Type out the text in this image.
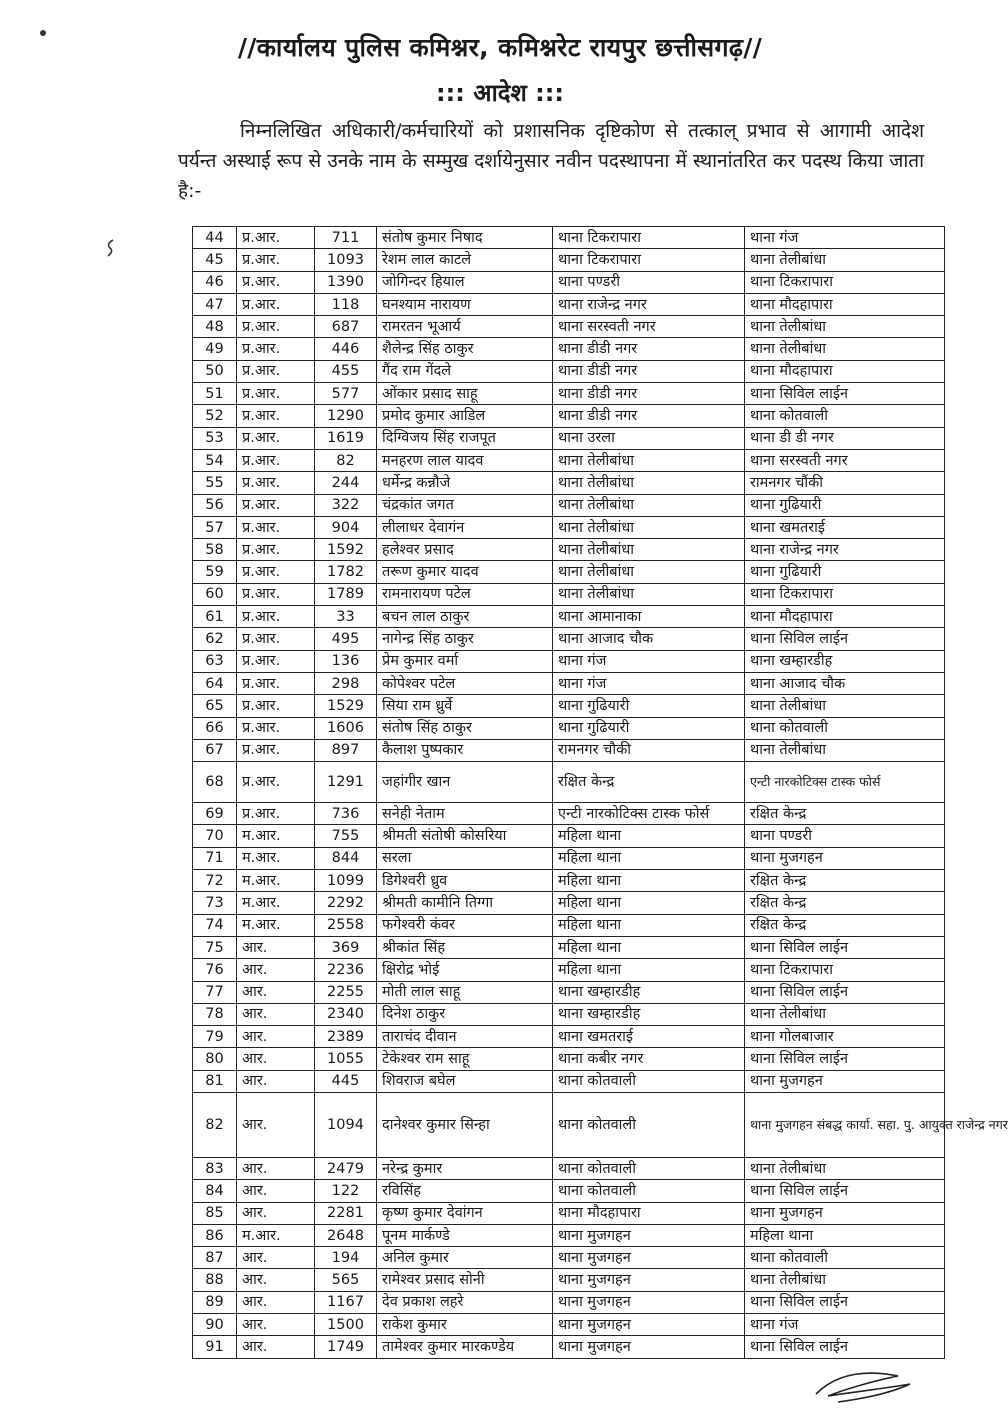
//कार्यालय पुलिस कमिश्नर, कमिश्नरेट रायपुर छत्तीसगढ़//
::: आदेश :::
निम्नलिखित अधिकारी/कर्मचारियों को प्रशासनिक दृष्टिकोण से तत्काल् प्रभाव से आगामी आदेश पर्यन्त अस्थाई रूप से उनके नाम के सम्मुख दर्शायेनुसार नवीन पदस्थापना में स्थानांतरित कर पदस्थ किया जाता है:-
44	प्र.आर.	711	संतोष कुमार निषाद	थाना टिकरापारा	थाना गंज
45	प्र.आर.	1093	रेशम लाल काटले	थाना टिकरापारा	थाना तेलीबांधा
46	प्र.आर.	1390	जोगिन्दर हियाल	थाना पण्डरी	थाना टिकरापारा
47	प्र.आर.	118	घनश्याम नारायण	थाना राजेन्द्र नगर	थाना मौदहापारा
48	प्र.आर.	687	रामरतन भूआर्य	थाना सरस्वती नगर	थाना तेलीबांधा
49	प्र.आर.	446	शैलेन्द्र सिंह ठाकुर	थाना डीडी नगर	थाना तेलीबांधा
50	प्र.आर.	455	गैंद राम गेंदले	थाना डीडी नगर	थाना मौदहापारा
51	प्र.आर.	577	ओंकार प्रसाद साहू	थाना डीडी नगर	थाना सिविल लाईन
52	प्र.आर.	1290	प्रमोद कुमार आडिल	थाना डीडी नगर	थाना कोतवाली
53	प्र.आर.	1619	दिग्विजय सिंह राजपूत	थाना उरला	थाना डी डी नगर
54	प्र.आर.	82	मनहरण लाल यादव	थाना तेलीबांधा	थाना सरस्वती नगर
55	प्र.आर.	244	धर्मेन्द्र कन्नौजे	थाना तेलीबांधा	रामनगर चौंकी
56	प्र.आर.	322	चंद्रकांत जगत	थाना तेलीबांधा	थाना गुढियारी
57	प्र.आर.	904	लीलाधर देवागंन	थाना तेलीबांधा	थाना खमतराई
58	प्र.आर.	1592	हलेश्वर प्रसाद	थाना तेलीबांधा	थाना राजेन्द्र नगर
59	प्र.आर.	1782	तरूण कुमार यादव	थाना तेलीबांधा	थाना गुढियारी
60	प्र.आर.	1789	रामनारायण पटेल	थाना तेलीबांधा	थाना टिकरापारा
61	प्र.आर.	33	बचन लाल ठाकुर	थाना आमानाका	थाना मौदहापारा
62	प्र.आर.	495	नागेन्द्र सिंह ठाकुर	थाना आजाद चौक	थाना सिविल लाईन
63	प्र.आर.	136	प्रेम कुमार वर्मा	थाना गंज	थाना खम्हारडीह
64	प्र.आर.	298	कोपेश्वर पटेल	थाना गंज	थाना आजाद चौक
65	प्र.आर.	1529	सिया राम ध्रुर्वे	थाना गुढियारी	थाना तेलीबांधा
66	प्र.आर.	1606	संतोष सिंह ठाकुर	थाना गुढियारी	थाना कोतवाली
67	प्र.आर.	897	कैलाश पुष्पकार	रामनगर चौकी	थाना तेलीबांधा
68	प्र.आर.	1291	जहांगीर खान	रक्षित केन्द्र	एन्टी नारकोटिक्स टास्क फोर्स
69	प्र.आर.	736	सनेही नेताम	एन्टी नारकोटिक्स टास्क फोर्स	रक्षित केन्द्र
70	म.आर.	755	श्रीमती संतोषी कोसरिया	महिला थाना	थाना पण्डरी
71	म.आर.	844	सरला	महिला थाना	थाना मुजगहन
72	म.आर.	1099	डिगेश्वरी ध्रुव	महिला थाना	रक्षित केन्द्र
73	म.आर.	2292	श्रीमती कामीनि तिग्गा	महिला थाना	रक्षित केन्द्र
74	म.आर.	2558	फगेश्वरी कंवर	महिला थाना	रक्षित केन्द्र
75	आर.	369	श्रीकांत सिंह	महिला थाना	थाना सिविल लाईन
76	आर.	2236	क्षिरोद्र भोई	महिला थाना	थाना टिकरापारा
77	आर.	2255	मोती लाल साहू	थाना खम्हारडीह	थाना सिविल लाईन
78	आर.	2340	दिनेश ठाकुर	थाना खम्हारडीह	थाना तेलीबांधा
79	आर.	2389	ताराचंद दीवान	थाना खमतराई	थाना गोलबाजार
80	आर.	1055	टेकेश्वर राम साहू	थाना कबीर नगर	थाना सिविल लाईन
81	आर.	445	शिवराज बघेल	थाना कोतवाली	थाना मुजगहन
82	आर.	1094	दानेश्वर कुमार सिन्हा	थाना कोतवाली	थाना मुजगहन संबद्ध कार्या. सहा. पु. आयुक्त राजेन्द्र नगर
83	आर.	2479	नरेन्द्र कुमार	थाना कोतवाली	थाना तेलीबांधा
84	आर.	122	रविसिंह	थाना कोतवाली	थाना सिविल लाईन
85	आर.	2281	कृष्ण कुमार देवांगन	थाना मौदहापारा	थाना मुजगहन
86	म.आर.	2648	पूनम मार्कण्डे	थाना मुजगहन	महिला थाना
87	आर.	194	अनिल कुमार	थाना मुजगहन	थाना कोतवाली
88	आर.	565	रामेश्वर प्रसाद सोनी	थाना मुजगहन	थाना तेलीबांधा
89	आर.	1167	देव प्रकाश लहरे	थाना मुजगहन	थाना सिविल लाईन
90	आर.	1500	राकेश कुमार	थाना मुजगहन	थाना गंज
91	आर.	1749	तामेश्वर कुमार मारकण्डेय	थाना मुजगहन	थाना सिविल लाईन
